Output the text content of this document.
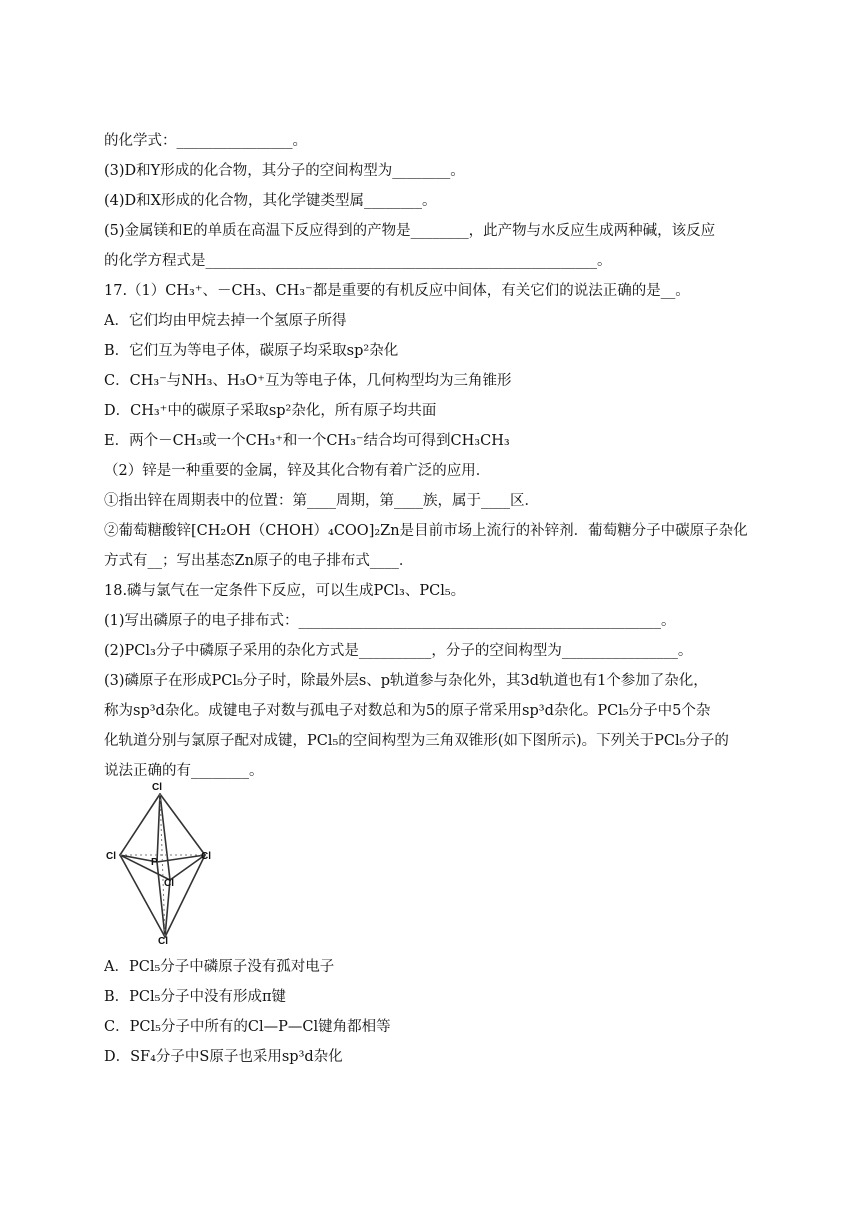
的化学式：________________。
(3)D和Y形成的化合物，其分子的空间构型为________。
(4)D和X形成的化合物，其化学键类型属________。
(5)金属镁和E的单质在高温下反应得到的产物是________，此产物与水反应生成两种碱，该反应
的化学方程式是______________________________________________________。
17.（1）CH₃⁺、－CH₃、CH₃⁻都是重要的有机反应中间体，有关它们的说法正确的是__。
A．它们均由甲烷去掉一个氢原子所得
B．它们互为等电子体，碳原子均采取sp²杂化
C．CH₃⁻与NH₃、H₃O⁺互为等电子体，几何构型均为三角锥形
D．CH₃⁺中的碳原子采取sp²杂化，所有原子均共面
E．两个－CH₃或一个CH₃⁺和一个CH₃⁻结合均可得到CH₃CH₃
（2）锌是一种重要的金属，锌及其化合物有着广泛的应用．
①指出锌在周期表中的位置：第____周期，第____族，属于____区．
②葡萄糖酸锌[CH₂OH（CHOH）₄COO]₂Zn是目前市场上流行的补锌剂．葡萄糖分子中碳原子杂化
方式有__；写出基态Zn原子的电子排布式____．
18.磷与氯气在一定条件下反应，可以生成PCl₃、PCl₅。
(1)写出磷原子的电子排布式：__________________________________________________。
(2)PCl₃分子中磷原子采用的杂化方式是__________，分子的空间构型为________________。
(3)磷原子在形成PCl₅分子时，除最外层s、p轨道参与杂化外，其3d轨道也有1个参加了杂化，
称为sp³d杂化。成键电子对数与孤电子对数总和为5的原子常采用sp³d杂化。PCl₅分子中5个杂
化轨道分别与氯原子配对成键，PCl₅的空间构型为三角双锥形(如下图所示)。下列关于PCl₅分子的
说法正确的有________。
Cl
Cl	Cl
P
Cl
Cl
A．PCl₅分子中磷原子没有孤对电子
B．PCl₅分子中没有形成π键
C．PCl₅分子中所有的Cl—P—Cl键角都相等
D．SF₄分子中S原子也采用sp³d杂化
